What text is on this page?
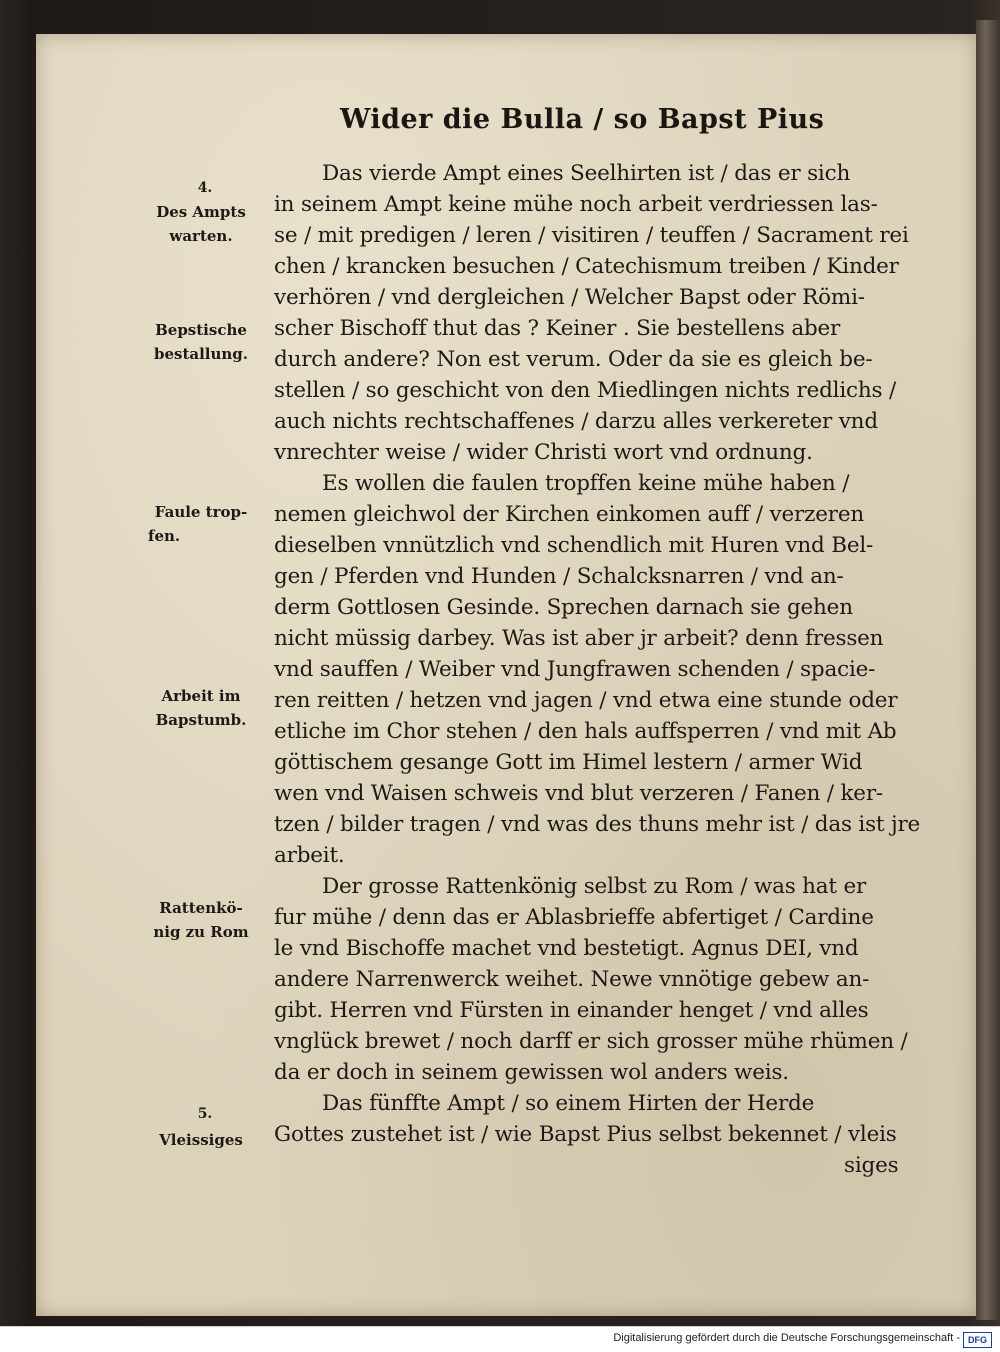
Wider die Bulla / so Bapst Pius
Das vierde Ampt eines Seelhirten ist / das er sich
in seinem Ampt keine mühe noch arbeit verdriessen las-
se / mit predigen / leren / visitiren / teuffen / Sacrament rei
chen / krancken besuchen / Catechismum treiben / Kinder
verhören / vnd dergleichen / Welcher Bapst oder Römi-
scher Bischoff thut das ? Keiner . Sie bestellens aber
durch andere? Non est verum. Oder da sie es gleich be-
stellen / so geschicht von den Miedlingen nichts redlichs /
auch nichts rechtschaffenes / darzu alles verkereter vnd
vnrechter weise / wider Christi wort vnd ordnung.
Es wollen die faulen tropffen keine mühe haben /
nemen gleichwol der Kirchen einkomen auff / verzeren
dieselben vnnützlich vnd schendlich mit Huren vnd Bel-
gen / Pferden vnd Hunden / Schalcksnarren / vnd an-
derm Gottlosen Gesinde. Sprechen darnach sie gehen
nicht müssig darbey. Was ist aber jr arbeit? denn fressen
vnd sauffen / Weiber vnd Jungfrawen schenden / spacie-
ren reitten / hetzen vnd jagen / vnd etwa eine stunde oder
etliche im Chor stehen / den hals auffsperren / vnd mit Ab
göttischem gesange Gott im Himel lestern / armer Wid
wen vnd Waisen schweis vnd blut verzeren / Fanen / ker-
tzen / bilder tragen / vnd was des thuns mehr ist / das ist jre
arbeit.
Der grosse Rattenkönig selbst zu Rom / was hat er
fur mühe / denn das er Ablasbrieffe abfertiget / Cardine
le vnd Bischoffe machet vnd bestetigt. Agnus DEI, vnd
andere Narrenwerck weihet. Newe vnnötige gebew an-
gibt. Herren vnd Fürsten in einander henget / vnd alles
vnglück brewet / noch darff er sich grosser mühe rhümen /
da er doch in seinem gewissen wol anders weis.
Das fünffte Ampt / so einem Hirten der Herde
Gottes zustehet ist / wie Bapst Pius selbst bekennet / vleis
siges
4.
Des Ampts
warten.
Bepstische
bestallung.
Faule trop-
fen.
Arbeit im
Bapstumb.
Rattenkö-
nig zu Rom
5.
Vleissiges
Digitalisierung gefördert durch die Deutsche Forschungsgemeinschaft - DFG
